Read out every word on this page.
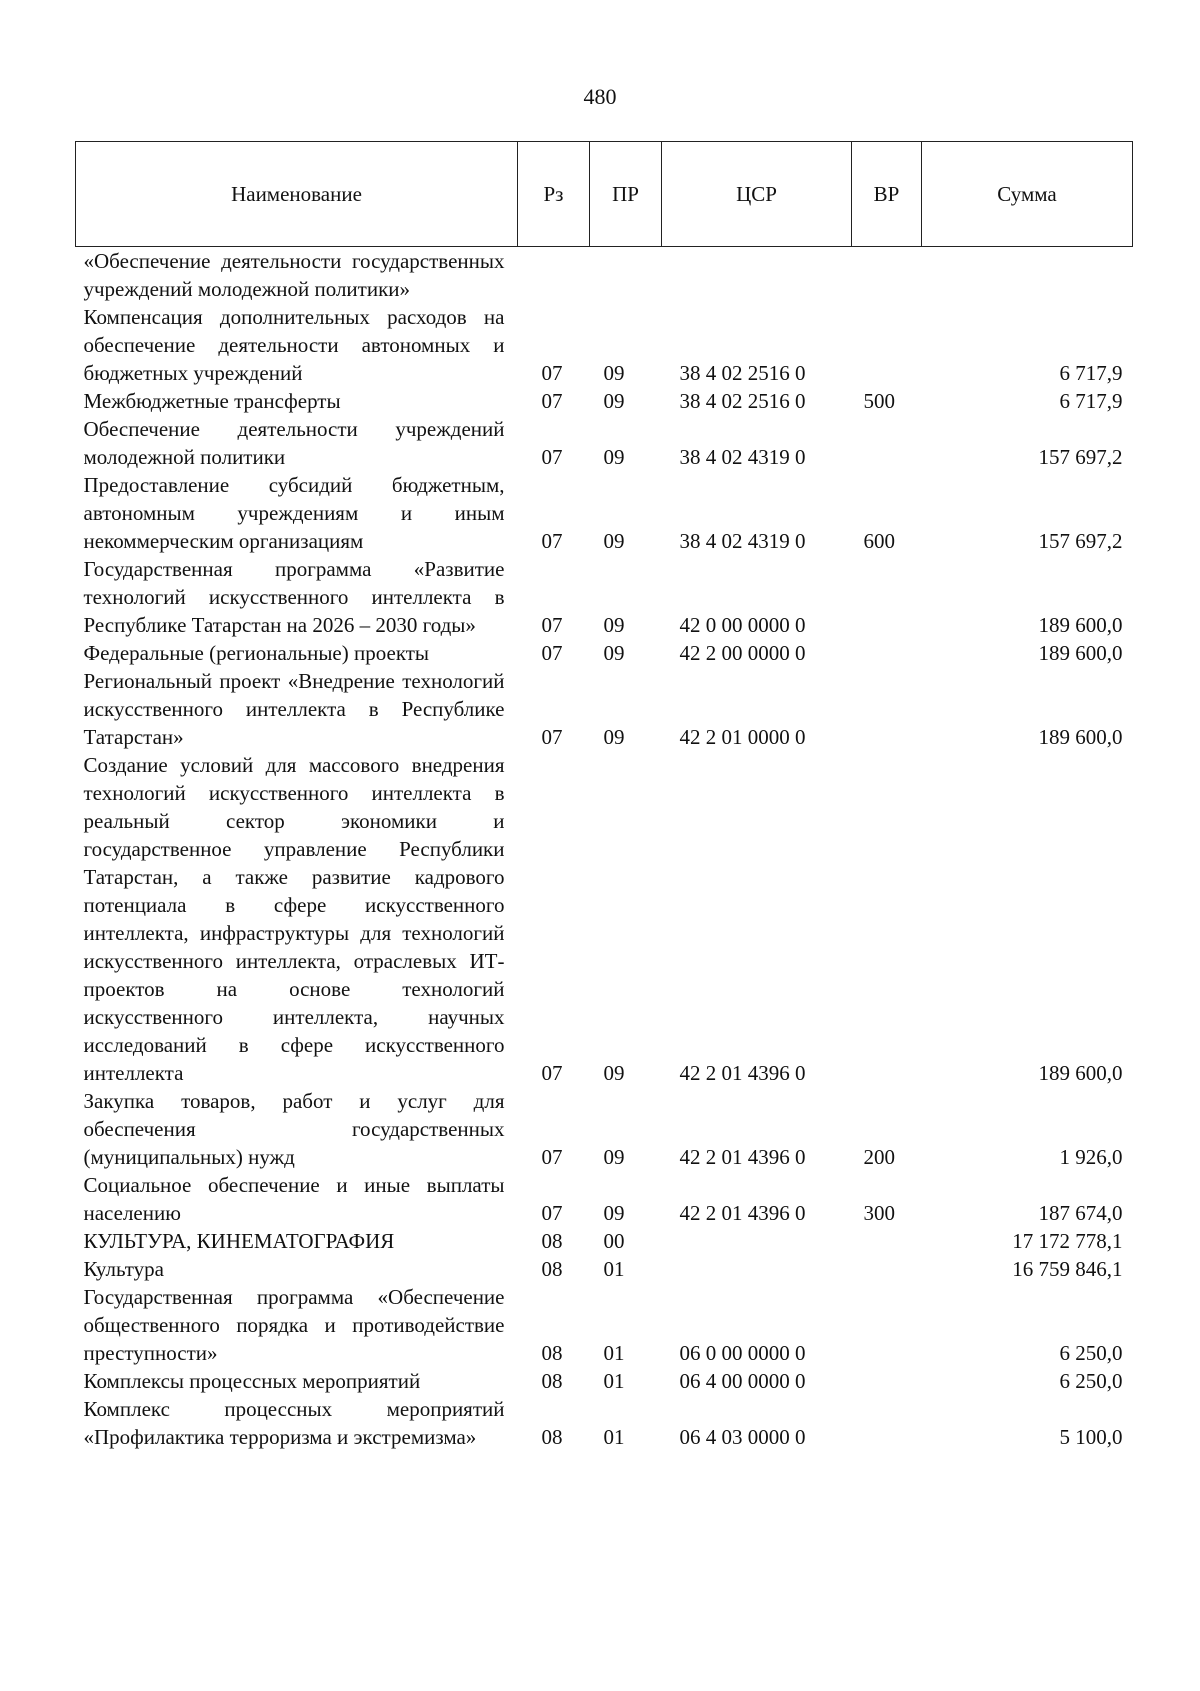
480
Наименование	Рз	ПР	ЦСР	ВР	Сумма
«Обеспечение деятельности государственных учреждений молодежной политики»					
Компенсация дополнительных расходов на обеспечение деятельности автономных и бюджетных учреждений	07	09	38 4 02 2516 0		6 717,9
Межбюджетные трансферты	07	09	38 4 02 2516 0	500	6 717,9
Обеспечение деятельности учреждений молодежной политики	07	09	38 4 02 4319 0		157 697,2
Предоставление субсидий бюджетным, автономным учреждениям и иным некоммерческим организациям	07	09	38 4 02 4319 0	600	157 697,2
Государственная программа «Развитие технологий искусственного интеллекта в Республике Татарстан на 2026 – 2030 годы»	07	09	42 0 00 0000 0		189 600,0
Федеральные (региональные) проекты	07	09	42 2 00 0000 0		189 600,0
Региональный проект «Внедрение технологий искусственного интеллекта в Республике Татарстан»	07	09	42 2 01 0000 0		189 600,0
Создание условий для массового внедрения технологий искусственного интеллекта в реальный сектор экономики и государственное управление Республики Татарстан, а также развитие кадрового потенциала в сфере искусственного интеллекта, инфраструктуры для технологий искусственного интеллекта, отраслевых ИТ-проектов на основе технологий искусственного интеллекта, научных исследований в сфере искусственного интеллекта	07	09	42 2 01 4396 0		189 600,0
Закупка товаров, работ и услуг для обеспечения государственных (муниципальных) нужд	07	09	42 2 01 4396 0	200	1 926,0
Социальное обеспечение и иные выплаты населению	07	09	42 2 01 4396 0	300	187 674,0
КУЛЬТУРА, КИНЕМАТОГРАФИЯ	08	00			17 172 778,1
Культура	08	01			16 759 846,1
Государственная программа «Обеспечение общественного порядка и противодействие преступности»	08	01	06 0 00 0000 0		6 250,0
Комплексы процессных мероприятий	08	01	06 4 00 0000 0		6 250,0
Комплекс процессных мероприятий «Профилактика терроризма и экстремизма»	08	01	06 4 03 0000 0		5 100,0
